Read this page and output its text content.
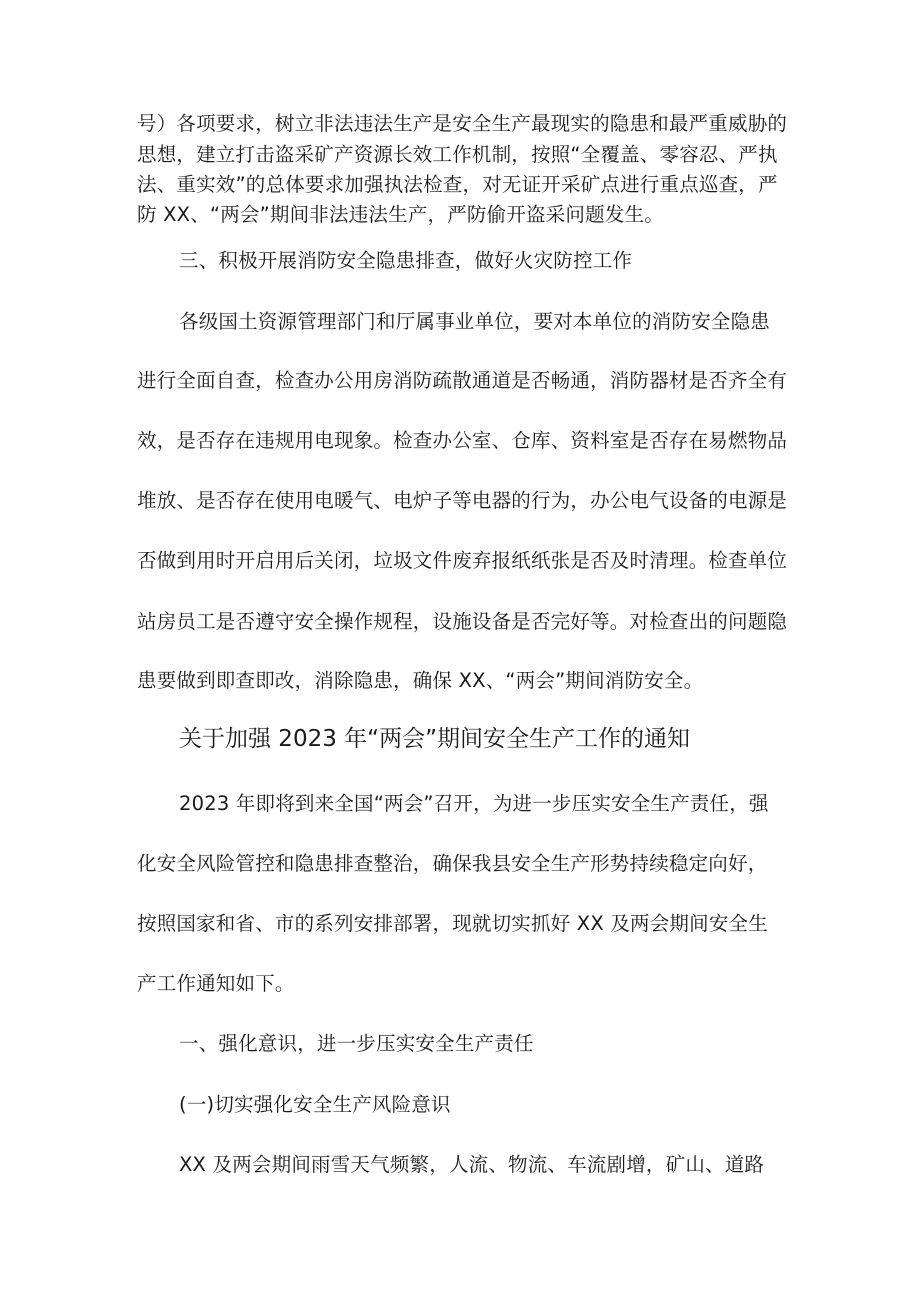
号）各项要求，树立非法违法生产是安全生产最现实的隐患和最严重威胁的
思想，建立打击盗采矿产资源长效工作机制，按照“全覆盖、零容忍、严执
法、重实效”的总体要求加强执法检查，对无证开采矿点进行重点巡查，严
防 XX、“两会”期间非法违法生产，严防偷开盗采问题发生。
三、积极开展消防安全隐患排查，做好火灾防控工作
各级国土资源管理部门和厅属事业单位，要对本单位的消防安全隐患
进行全面自查，检查办公用房消防疏散通道是否畅通，消防器材是否齐全有
效，是否存在违规用电现象。检查办公室、仓库、资料室是否存在易燃物品
堆放、是否存在使用电暖气、电炉子等电器的行为，办公电气设备的电源是
否做到用时开启用后关闭，垃圾文件废弃报纸纸张是否及时清理。检查单位
站房员工是否遵守安全操作规程，设施设备是否完好等。对检查出的问题隐
患要做到即查即改，消除隐患，确保 XX、“两会”期间消防安全。
关于加强 2023 年“两会”期间安全生产工作的通知
2023 年即将到来全国“两会”召开，为进一步压实安全生产责任，强
化安全风险管控和隐患排查整治，确保我县安全生产形势持续稳定向好，
按照国家和省、市的系列安排部署，现就切实抓好 XX 及两会期间安全生
产工作通知如下。
一、强化意识，进一步压实安全生产责任
(一)切实强化安全生产风险意识
XX 及两会期间雨雪天气频繁，人流、物流、车流剧增，矿山、道路
